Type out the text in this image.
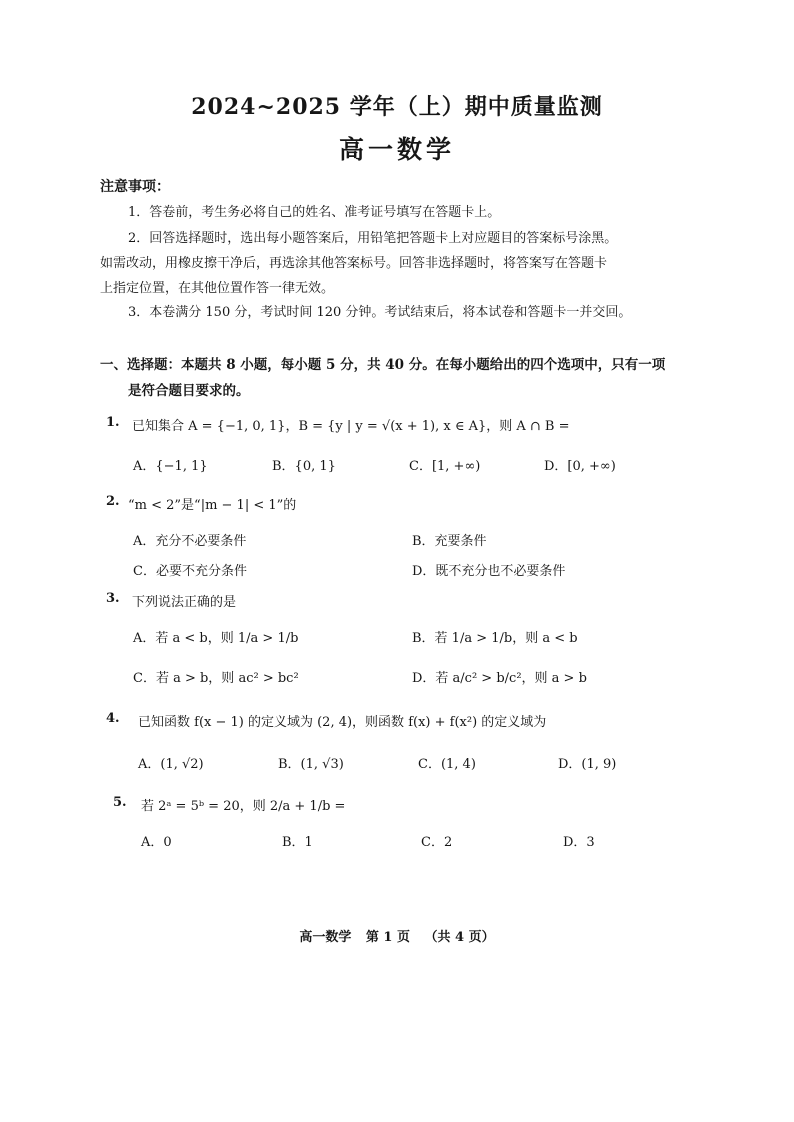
2024~2025 学年（上）期中质量监测
高一数学
注意事项：
1．答卷前，考生务必将自己的姓名、准考证号填写在答题卡上。
2．回答选择题时，选出每小题答案后，用铅笔把答题卡上对应题目的答案标号涂黑。
如需改动，用橡皮擦干净后，再选涂其他答案标号。回答非选择题时，将答案写在答题卡
上指定位置，在其他位置作答一律无效。
3．本卷满分 150 分，考试时间 120 分钟。考试结束后，将本试卷和答题卡一并交回。
一、选择题：本题共 8 小题，每小题 5 分，共 40 分。在每小题给出的四个选项中，只有一项
是符合题目要求的。
1. 已知集合 A = {−1, 0, 1}，B = {y | y = √(x + 1), x ∈ A}，则 A ∩ B =
A．{−1, 1}	B．{0, 1}	C．[1, +∞)	D．[0, +∞)
2. “m < 2”是“|m − 1| < 1”的
A．充分不必要条件	B．充要条件
C．必要不充分条件	D．既不充分也不必要条件
3. 下列说法正确的是
A．若 a < b，则 1/a > 1/b	B．若 1/a > 1/b，则 a < b
C．若 a > b，则 ac² > bc²	D．若 a/c² > b/c²，则 a > b
4. 已知函数 f(x − 1) 的定义域为 (2, 4)，则函数 f(x) + f(x²) 的定义域为
A．(1, √2)	B．(1, √3)	C．(1, 4)	D．(1, 9)
5. 若 2ᵃ = 5ᵇ = 20，则 2/a + 1/b =
A．0	B．1	C．2	D．3
高一数学 第 1 页 （共 4 页）
